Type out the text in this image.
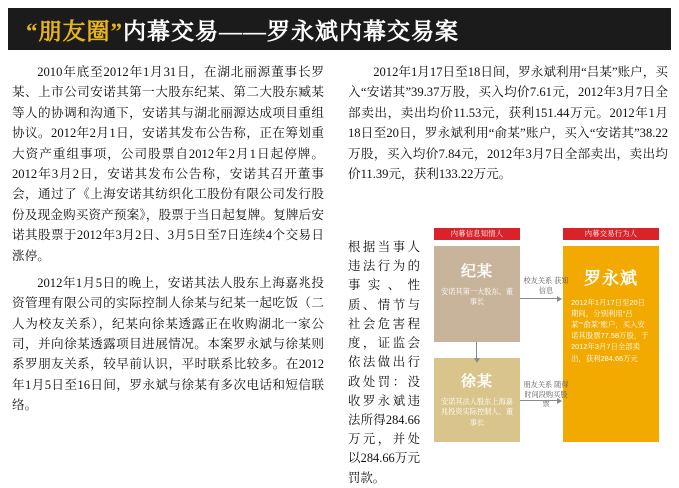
“朋友圈”内幕交易——罗永斌内幕交易案

2010年底至2012年1月31日，在湖北丽源董事长罗某、上市公司安诺其第一大股东纪某、第二大股东臧某等人的协调和沟通下，安诺其与湖北丽源达成项目重组协议。2012年2月1日，安诺其发布公告称，正在筹划重大资产重组事项，公司股票自2012年2月1日起停牌。2012年3月2日，安诺其发布公告称，安诺其召开董事会，通过了《上海安诺其纺织化工股份有限公司发行股份及现金购买资产预案》，股票于当日起复牌。复牌后安诺其股票于2012年3月2日、3月5日至7日连续4个交易日涨停。

2012年1月5日的晚上，安诺其法人股东上海嘉兆投资管理有限公司的实际控制人徐某与纪某一起吃饭（二人为校友关系），纪某向徐某透露正在收购湖北一家公司，并向徐某透露项目进展情况。本案罗永斌与徐某则系罗朋友关系，较早前认识，平时联系比较多。在2012年1月5日至16日间，罗永斌与徐某有多次电话和短信联络。

2012年1月17日至18日间，罗永斌利用“吕某”账户，买入“安诺其”39.37万股，买入均价7.61元，2012年3月7日全部卖出，卖出均价11.53元，获利151.44万元。2012年1月18日至20日，罗永斌利用“俞某”账户，买入“安诺其”38.22万股，买入均价7.84元，2012年3月7日全部卖出，卖出均价11.39元，获利133.22万元。

根据当事人违法行为的事实、性质、情节与社会危害程度，证监会依法做出行政处罚：没收罗永斌违法所得284.66万元，并处以284.66万元罚款。
内幕信息知情人	内幕交易行为人
纪某
安诺其第一大股东、董事长
徐某
安诺其法人股东上海嘉兆投资实际控制人、董事长
罗永斌
2012年1月17日至20日期间，分别利用“吕某”“俞某”账户，买入安诺其股票77.58万股，于2012年3月7日全部卖出，获利284.66万元
校友关系 获知信息
朋友关系 随得时间段购买股票
